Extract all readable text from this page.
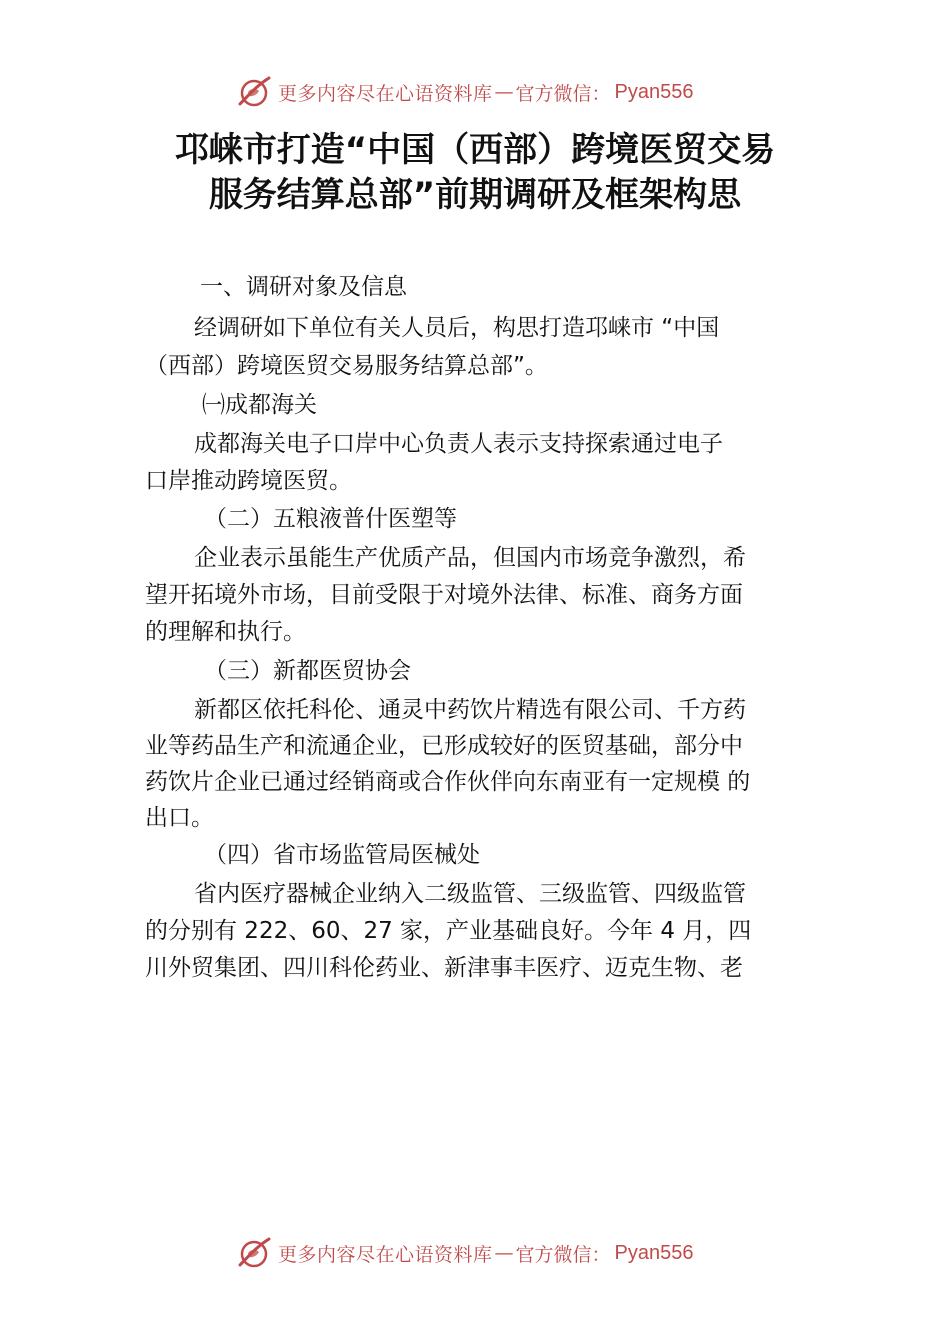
更多内容尽在心语资料库 — 官方微信： Pyan556
邛崃市打造“中国（西部）跨境医贸交易
服务结算总部”前期调研及框架构思
一、调研对象及信息
经调研如下单位有关人员后，构思打造邛崃市 “中国
（西部）跨境医贸交易服务结算总部”。
㈠成都海关
成都海关电子口岸中心负责人表示支持探索通过电子
口岸推动跨境医贸。
（二）五粮液普什医塑等
企业表示虽能生产优质产品，但国内市场竞争激烈，希
望开拓境外市场，目前受限于对境外法律、标准、商务方面
的理解和执行。
（三）新都医贸协会
新都区依托科伦、通灵中药饮片精选有限公司、千方药
业等药品生产和流通企业，已形成较好的医贸基础，部分中
药饮片企业已通过经销商或合作伙伴向东南亚有一定规模 的
出口。
（四）省市场监管局医械处
省内医疗器械企业纳入二级监管、三级监管、四级监管
的分别有 222、60、27 家，产业基础良好。今年 4 月，四
川外贸集团、四川科伦药业、新津事丰医疗、迈克生物、老
更多内容尽在心语资料库 — 官方微信： Pyan556
